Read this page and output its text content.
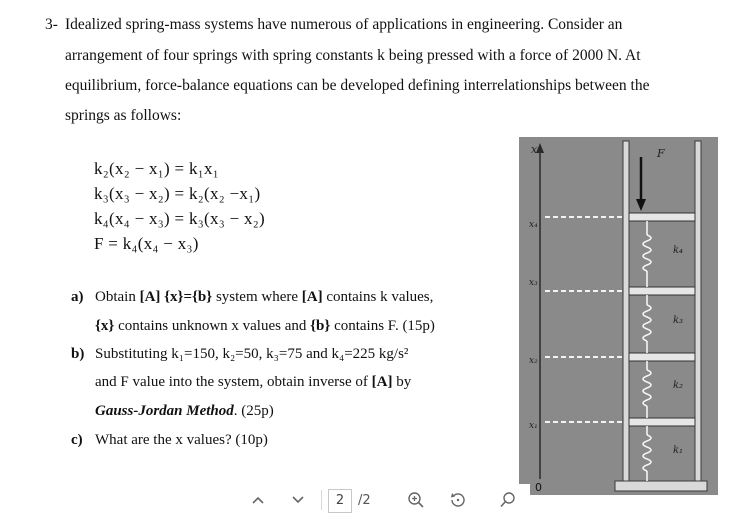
3- Idealized spring-mass systems have numerous of applications in engineering. Consider an
arrangement of four springs with spring constants k being pressed with a force of 2000 N. At
equilibrium, force-balance equations can be developed defining interrelationships between the
springs as follows:
k₂(x₂ − x₁) = k₁x₁
k₃(x₃ − x₂) = k₂(x₂ −x₁)
k₄(x₄ − x₃) = k₃(x₃ − x₂)
F = k₄(x₄ − x₃)
a) Obtain [A] {x}={b} system where [A] contains k values,
{x} contains unknown x values and {b} contains F. (15p)
b) Substituting k₁=150, k₂=50, k₃=75 and k₄=225 kg/s²
and F value into the system, obtain inverse of [A] by
Gauss-Jordan Method. (25p)
c) What are the x values? (10p)
x	F
k₄
k₃
k₂
k₁
x₄
x₃
x₂
x₁
0
2	/2
